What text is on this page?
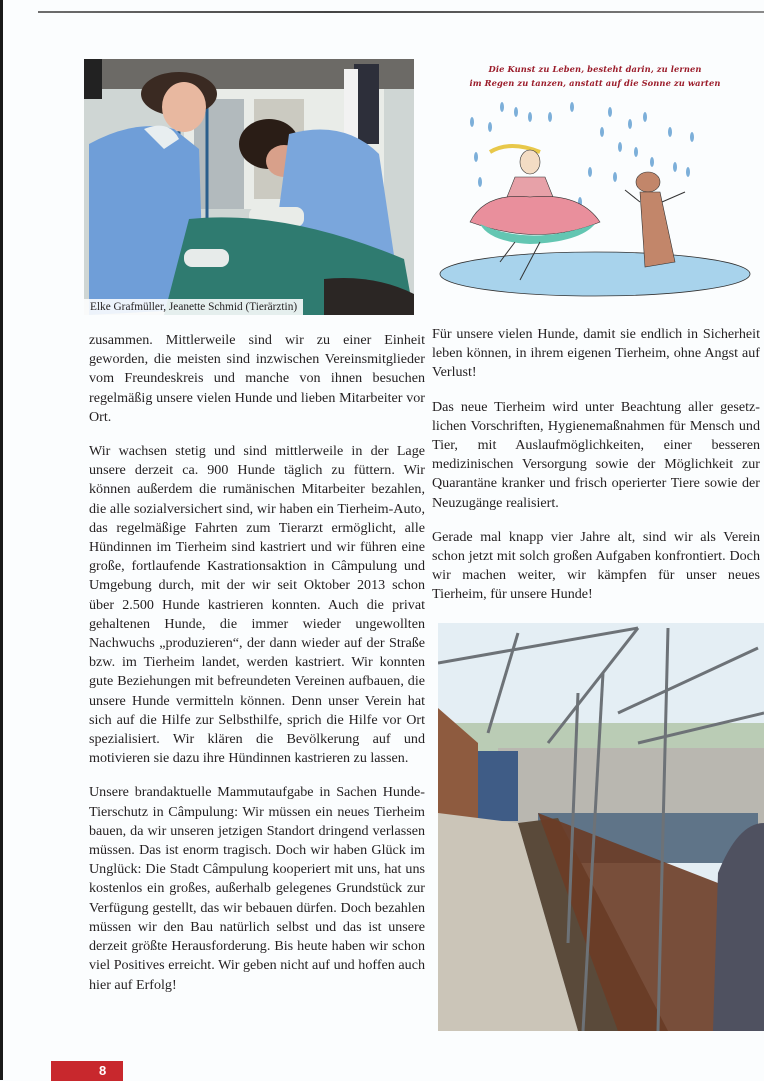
Elke Grafmüller, Jeanette Schmid (Tierärztin)
Die Kunst zu Leben, besteht darin, zu lernen
im Regen zu tanzen, anstatt auf die Sonne zu warten

zusammen. Mittlerweile sind wir zu einer Einheit geworden, die meisten sind inzwischen Vereinsmitglieder vom Freundeskreis und manche von ihnen besuchen regelmäßig unsere vielen Hunde und lieben Mitarbeiter vor Ort.

Wir wachsen stetig und sind mittlerweile in der Lage unsere derzeit ca. 900 Hunde täglich zu füttern. Wir können außerdem die rumänischen Mitarbeiter bezahlen, die alle sozialversichert sind, wir haben ein Tierheim-Auto, das regelmäßige Fahrten zum Tierarzt ermöglicht, alle Hündinnen im Tierheim sind kastriert und wir führen eine große, fortlaufende Kastrationsaktion in Câmpulung und Umgebung durch, mit der wir seit Oktober 2013 schon über 2.500 Hunde kastrieren konnten. Auch die privat gehaltenen Hunde, die immer wieder ungewollten Nachwuchs „produzieren“, der dann wieder auf der Straße bzw. im Tierheim landet, werden kastriert. Wir konnten gute Beziehungen mit befreundeten Vereinen aufbauen, die unsere Hunde vermitteln können. Denn unser Verein hat sich auf die Hilfe zur Selbsthilfe, sprich die Hilfe vor Ort spezialisiert. Wir klären die Bevölkerung auf und motivieren sie dazu ihre Hündinnen kastrieren zu lassen.

Unsere brandaktuelle Mammutaufgabe in Sachen Hunde-Tierschutz in Câmpulung: Wir müssen ein neues Tierheim bauen, da wir unseren jetzigen Standort dringend verlassen müssen. Das ist enorm tragisch. Doch wir haben Glück im Unglück: Die Stadt Câmpulung kooperiert mit uns, hat uns kostenlos ein großes, außerhalb gelegenes Grundstück zur Verfügung gestellt, das wir bebauen dürfen. Doch bezahlen müssen wir den Bau natürlich selbst und das ist unsere derzeit größte Herausforderung. Bis heute haben wir schon viel Positives erreicht. Wir geben nicht auf und hoffen auch hier auf Erfolg!

Für unsere vielen Hunde, damit sie endlich in Sicherheit leben können, in ihrem eigenen Tierheim, ohne Angst auf Verlust!

Das neue Tierheim wird unter Beachtung aller gesetzlichen Vorschriften, Hygienemaßnahmen für Mensch und Tier, mit Auslaufmöglichkeiten, einer besseren medizinischen Versorgung sowie der Möglichkeit zur Quarantäne kranker und frisch operierter Tiere sowie der Neuzugänge realisiert.

Gerade mal knapp vier Jahre alt, sind wir als Verein schon jetzt mit solch großen Aufgaben konfrontiert. Doch wir machen weiter, wir kämpfen für unser neues Tierheim, für unsere Hunde!

8
